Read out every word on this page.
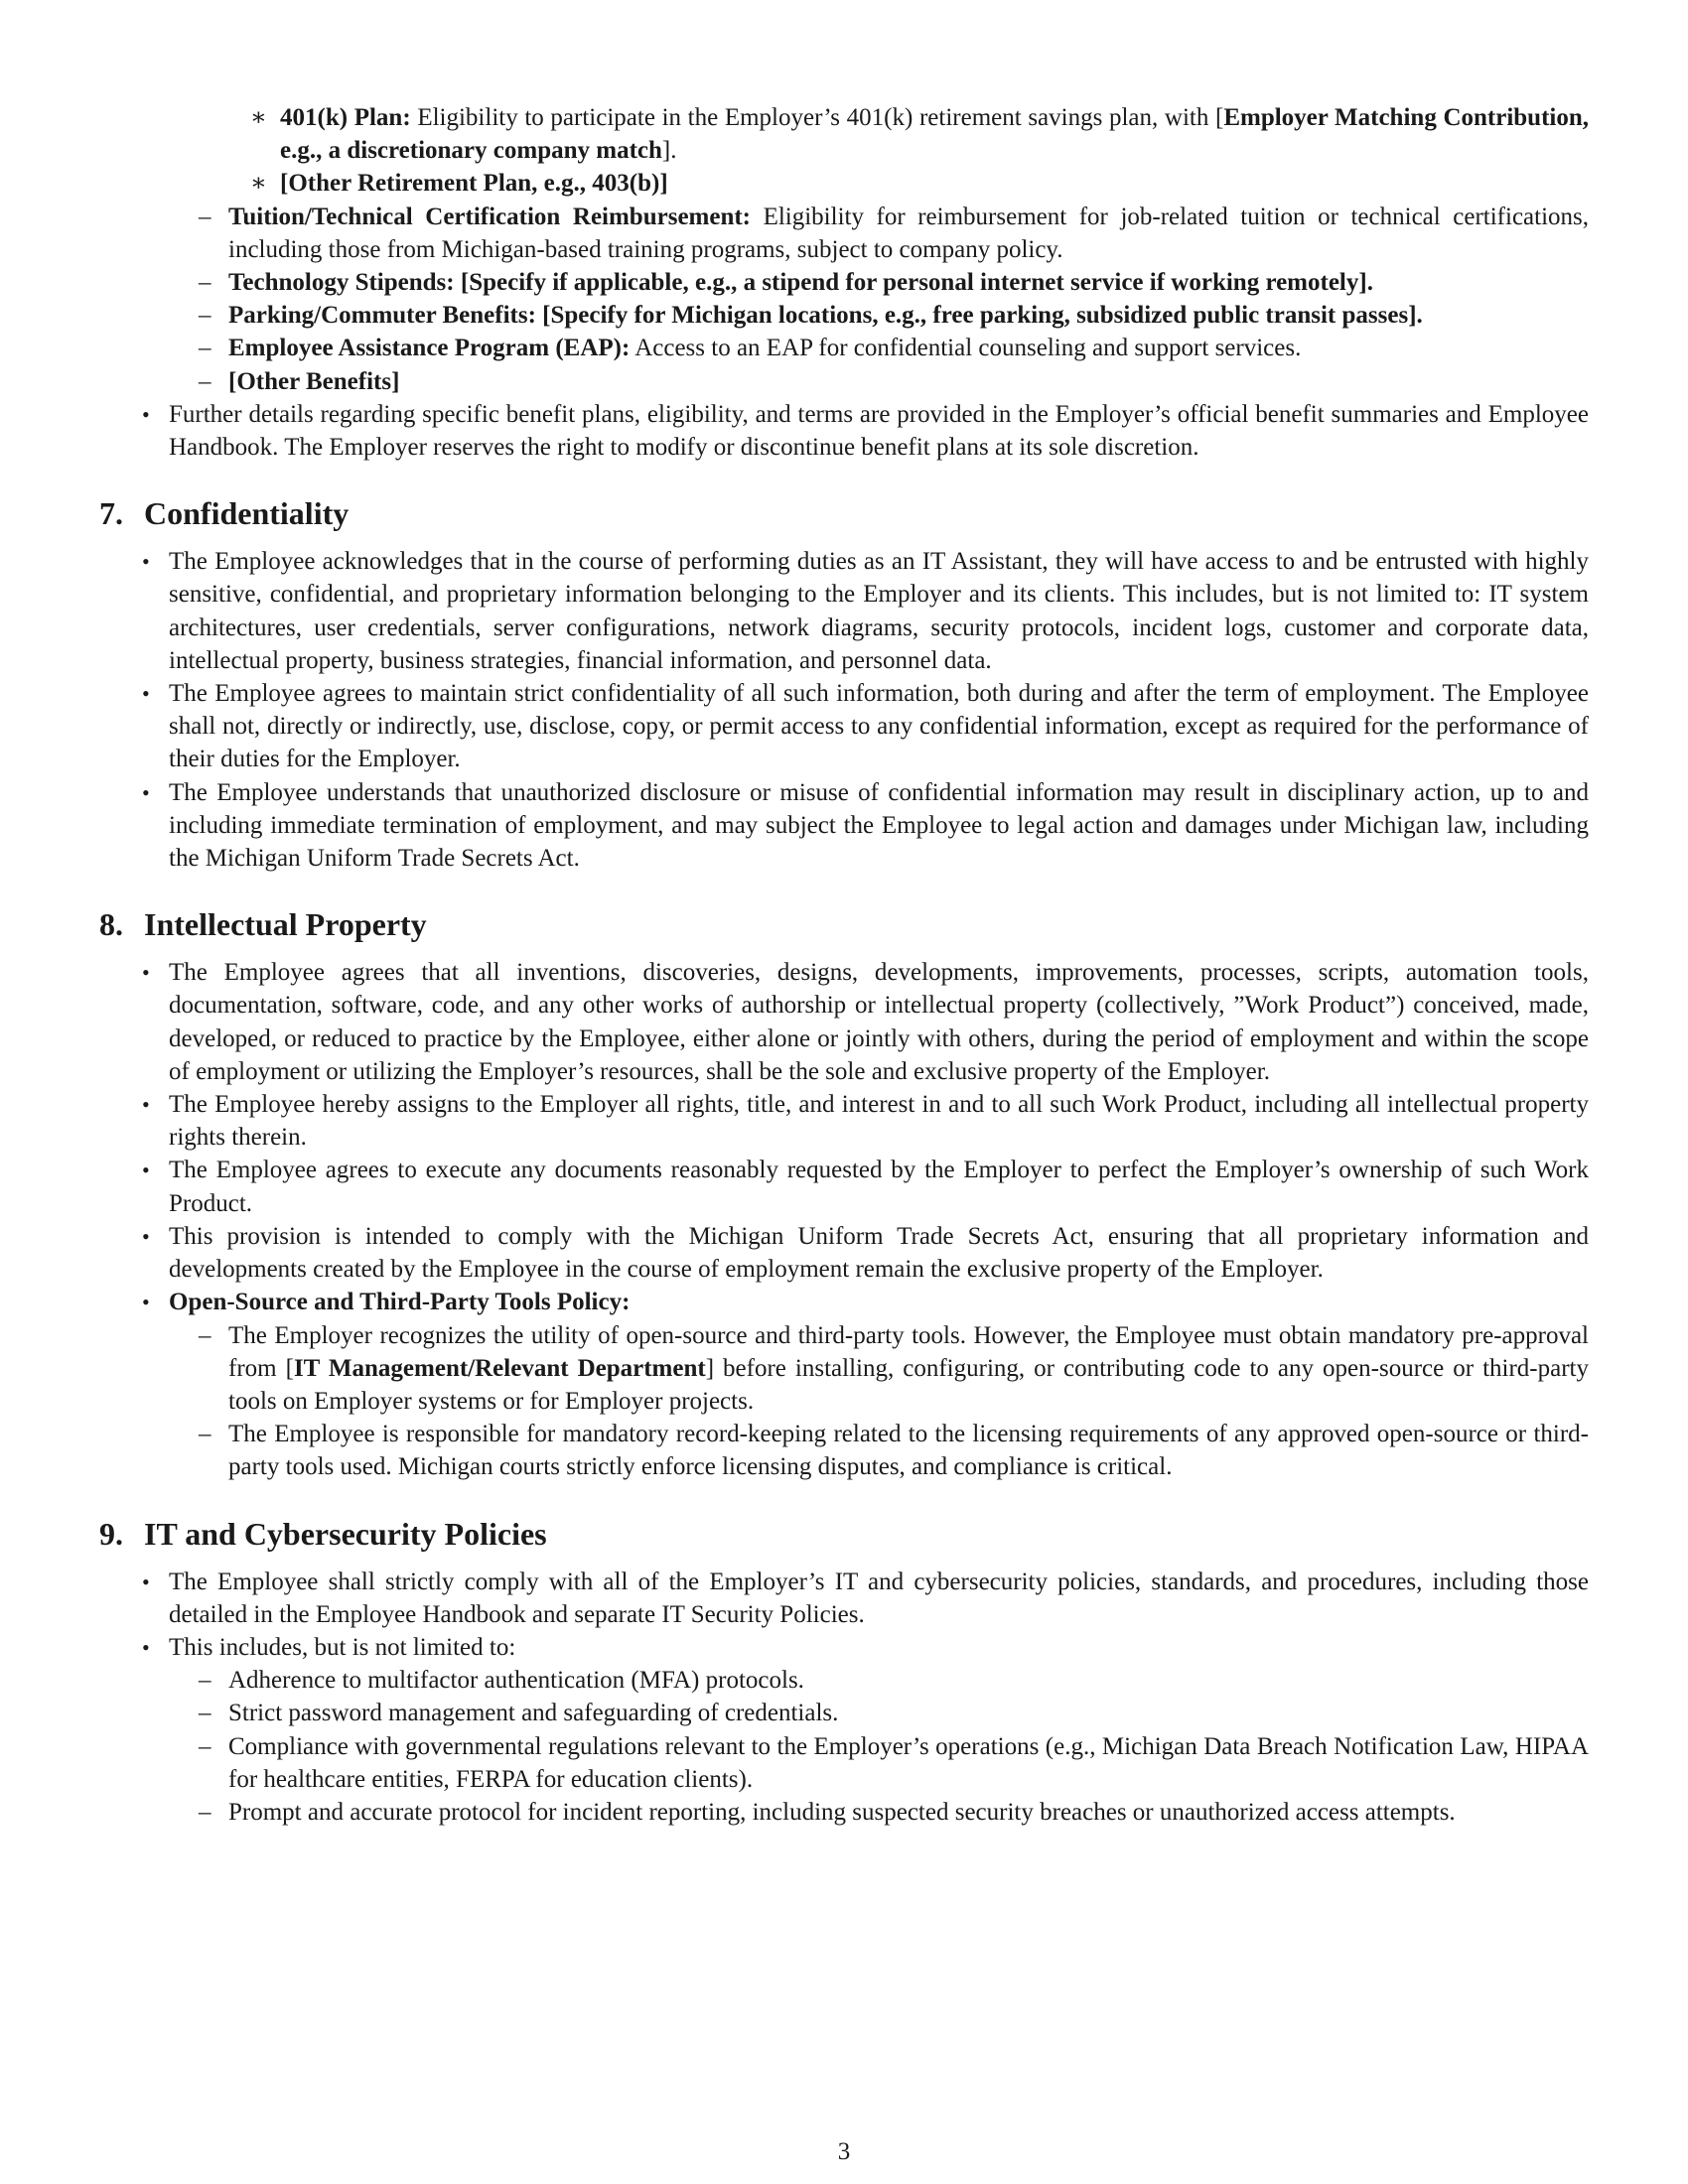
∗ 401(k) Plan: Eligibility to participate in the Employer’s 401(k) retirement savings plan, with [Employer Matching Contribution, e.g., a discretionary company match].
∗ [Other Retirement Plan, e.g., 403(b)]
– Tuition/Technical Certification Reimbursement: Eligibility for reimbursement for job-related tuition or technical certifications, including those from Michigan-based training programs, subject to company policy.
– Technology Stipends: [Specify if applicable, e.g., a stipend for personal internet service if working remotely].
– Parking/Commuter Benefits: [Specify for Michigan locations, e.g., free parking, subsidized public transit passes].
– Employee Assistance Program (EAP): Access to an EAP for confidential counseling and support services.
– [Other Benefits]
• Further details regarding specific benefit plans, eligibility, and terms are provided in the Employer’s official benefit summaries and Employee Handbook. The Employer reserves the right to modify or discontinue benefit plans at its sole discretion.
7. Confidentiality
• The Employee acknowledges that in the course of performing duties as an IT Assistant, they will have access to and be entrusted with highly sensitive, confidential, and proprietary information belonging to the Employer and its clients. This includes, but is not limited to: IT system architectures, user credentials, server configurations, network diagrams, security protocols, incident logs, customer and corporate data, intellectual property, business strategies, financial information, and personnel data.
• The Employee agrees to maintain strict confidentiality of all such information, both during and after the term of employment. The Employee shall not, directly or indirectly, use, disclose, copy, or permit access to any confidential information, except as required for the performance of their duties for the Employer.
• The Employee understands that unauthorized disclosure or misuse of confidential information may result in disciplinary action, up to and including immediate termination of employment, and may subject the Employee to legal action and damages under Michigan law, including the Michigan Uniform Trade Secrets Act.
8. Intellectual Property
• The Employee agrees that all inventions, discoveries, designs, developments, improvements, processes, scripts, automation tools, documentation, software, code, and any other works of authorship or intellectual property (collectively, ”Work Product”) conceived, made, developed, or reduced to practice by the Employee, either alone or jointly with others, during the period of employment and within the scope of employment or utilizing the Employer’s resources, shall be the sole and exclusive property of the Employer.
• The Employee hereby assigns to the Employer all rights, title, and interest in and to all such Work Product, including all intellectual property rights therein.
• The Employee agrees to execute any documents reasonably requested by the Employer to perfect the Employer’s ownership of such Work Product.
• This provision is intended to comply with the Michigan Uniform Trade Secrets Act, ensuring that all proprietary information and developments created by the Employee in the course of employment remain the exclusive property of the Employer.
• Open-Source and Third-Party Tools Policy:
– The Employer recognizes the utility of open-source and third-party tools. However, the Employee must obtain mandatory pre-approval from [IT Management/Relevant Department] before installing, configuring, or contributing code to any open-source or third-party tools on Employer systems or for Employer projects.
– The Employee is responsible for mandatory record-keeping related to the licensing requirements of any approved open-source or third-party tools used. Michigan courts strictly enforce licensing disputes, and compliance is critical.
9. IT and Cybersecurity Policies
• The Employee shall strictly comply with all of the Employer’s IT and cybersecurity policies, standards, and procedures, including those detailed in the Employee Handbook and separate IT Security Policies.
• This includes, but is not limited to:
– Adherence to multifactor authentication (MFA) protocols.
– Strict password management and safeguarding of credentials.
– Compliance with governmental regulations relevant to the Employer’s operations (e.g., Michigan Data Breach Notification Law, HIPAA for healthcare entities, FERPA for education clients).
– Prompt and accurate protocol for incident reporting, including suspected security breaches or unauthorized access attempts.
3
